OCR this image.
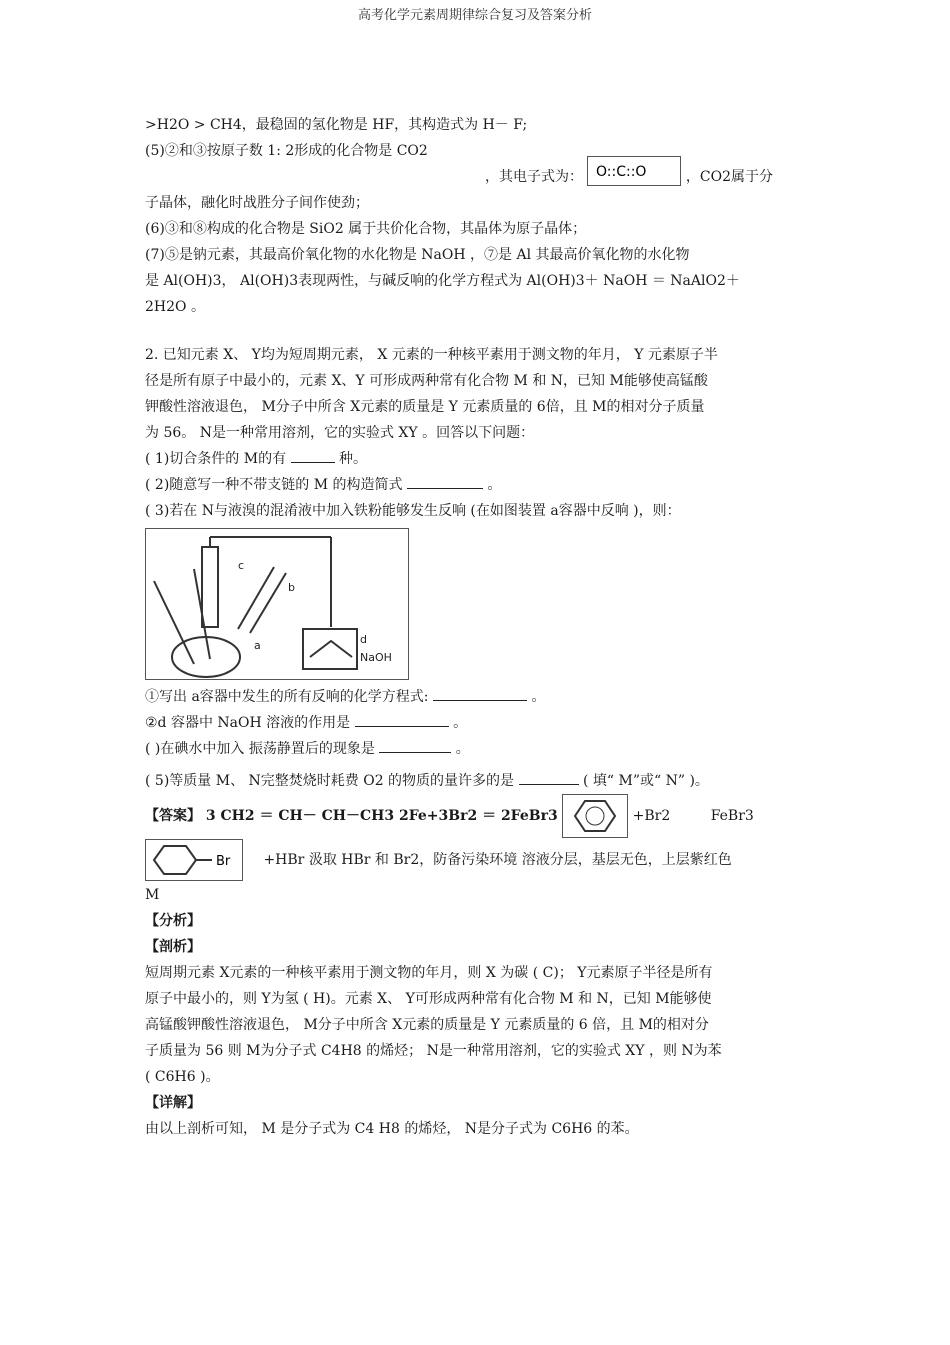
高考化学元素周期律综合复习及答案分析
>H2O > CH4，最稳固的氢化物是 HF，其构造式为 H－ F;
(5)②和③按原子数 1: 2形成的化合物是 CO2
，其电子式为： O::C::O	，CO2属于分
子晶体，融化时战胜分子间作使劲；
(6)③和⑧构成的化合物是 SiO2 属于共价化合物，其晶体为原子晶体；
(7)⑤是钠元素，其最高价氧化物的水化物是 NaOH ，⑦是 Al 其最高价氧化物的水化物
是 Al(OH)3， Al(OH)3表现两性，与碱反响的化学方程式为 Al(OH)3＋ NaOH ＝ NaAlO2＋
2H2O 。
2. 已知元素 X、 Y均为短周期元素， X 元素的一种核平素用于测文物的年月， Y 元素原子半
径是所有原子中最小的，元素 X、Y 可形成两种常有化合物 M 和 N，已知 M能够使高锰酸
钾酸性溶液退色， M分子中所含 X元素的质量是 Y 元素质量的 6倍，且 M的相对分子质量
为 56。 N是一种常用溶剂，它的实验式 XY 。回答以下问题：
( 1)切合条件的 M的有	种。
( 2)随意写一种不带支链的 M 的构造简式	。
( 3)若在 N与液溴的混淆液中加入铁粉能够发生反响 (在如图装置 a容器中反响 )，则：
c
b
a	d
NaOH
①写出 a容器中发生的所有反响的化学方程式:	。
②d 容器中 NaOH 溶液的作用是	。
( )在碘水中加入 振荡静置后的现象是	。
( 5)等质量 M、 N完整焚烧时耗费 O2 的物质的量许多的是	( 填“ M”或“ N” )。
【答案】 3 CH2 ＝ CH－ CH－CH3 2Fe+3Br2 ＝ 2FeBr3	+Br2	FeBr3
Br +HBr 汲取 HBr 和 Br2，防备污染环境 溶液分层，基层无色，上层紫红色
M
【分析】
【剖析】
短周期元素 X元素的一种核平素用于测文物的年月，则 X 为碳 ( C)； Y元素原子半径是所有
原子中最小的，则 Y为氢 ( H)。元素 X、 Y可形成两种常有化合物 M 和 N，已知 M能够使
高锰酸钾酸性溶液退色， M分子中所含 X元素的质量是 Y 元素质量的 6 倍，且 M的相对分
子质量为 56 则 M为分子式 C4H8 的烯烃； N是一种常用溶剂，它的实验式 XY ，则 N为苯
( C6H6 )。
【详解】
由以上剖析可知， M 是分子式为 C4 H8 的烯烃， N是分子式为 C6H6 的苯。
